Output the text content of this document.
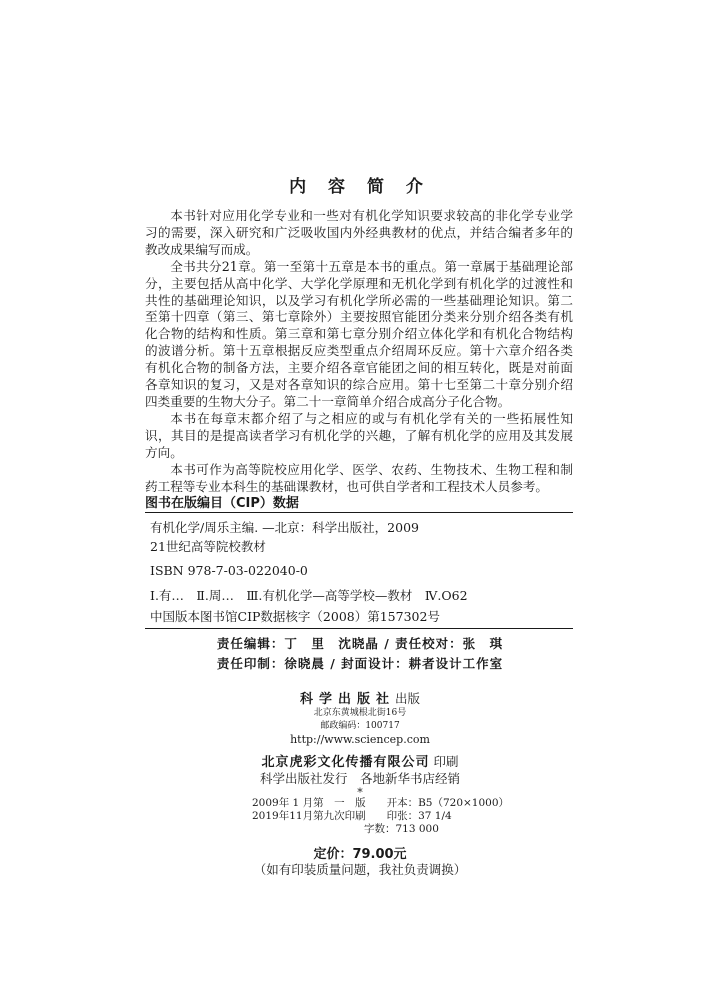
内 容 简 介

本书针对应用化学专业和一些对有机化学知识要求较高的非化学专业学习的需要，深入研究和广泛吸收国内外经典教材的优点，并结合编者多年的教改成果编写而成。

全书共分21章。第一至第十五章是本书的重点。第一章属于基础理论部分，主要包括从高中化学、大学化学原理和无机化学到有机化学的过渡性和共性的基础理论知识，以及学习有机化学所必需的一些基础理论知识。第二至第十四章（第三、第七章除外）主要按照官能团分类来分别介绍各类有机化合物的结构和性质。第三章和第七章分别介绍立体化学和有机化合物结构的波谱分析。第十五章根据反应类型重点介绍周环反应。第十六章介绍各类有机化合物的制备方法，主要介绍各章官能团之间的相互转化，既是对前面各章知识的复习，又是对各章知识的综合应用。第十七至第二十章分别介绍四类重要的生物大分子。第二十一章简单介绍合成高分子化合物。

本书在每章末都介绍了与之相应的或与有机化学有关的一些拓展性知识，其目的是提高读者学习有机化学的兴趣，了解有机化学的应用及其发展方向。

本书可作为高等院校应用化学、医学、农药、生物技术、生物工程和制药工程等专业本科生的基础课教材，也可供自学者和工程技术人员参考。

图书在版编目（CIP）数据
有机化学/周乐主编. —北京：科学出版社，2009
21世纪高等院校教材
ISBN 978-7-03-022040-0
Ⅰ.有…　Ⅱ.周…　Ⅲ.有机化学—高等学校—教材　Ⅳ.O62
中国版本图书馆CIP数据核字（2008）第157302号
责任编辑：丁　里　沈晓晶 / 责任校对：张　琪
责任印制：徐晓晨 / 封面设计：耕者设计工作室
科学出版社出版
北京东黄城根北街16号
邮政编码：100717
http://www.sciencep.com
北京虎彩文化传播有限公司 印刷
科学出版社发行　各地新华书店经销
*
2009年 1 月第　一　版　　开本：B5（720×1000）
2019年11月第九次印刷　　印张：37 1/4
字数：713 000
定价：79.00元
（如有印装质量问题，我社负责调换）
